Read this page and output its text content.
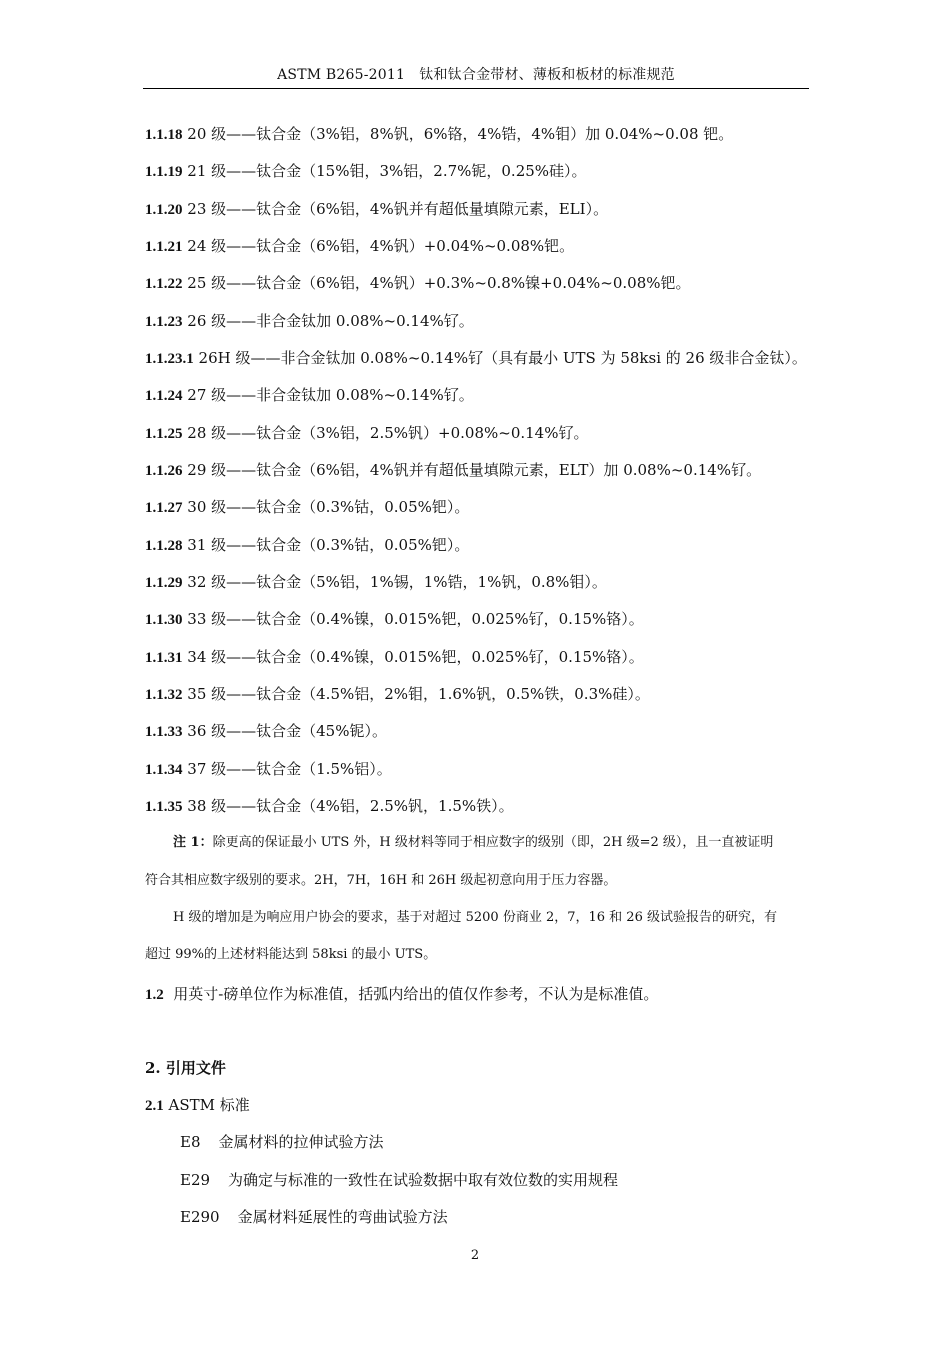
ASTM B265-2011　钛和钛合金带材、薄板和板材的标准规范
1.1.18 20 级——钛合金（3%铝，8%钒，6%铬，4%锆，4%钼）加 0.04%~0.08 钯。
1.1.19 21 级——钛合金（15%钼，3%铝，2.7%铌，0.25%硅）。
1.1.20 23 级——钛合金（6%铝，4%钒并有超低量填隙元素，ELI）。
1.1.21 24 级——钛合金（6%铝，4%钒）+0.04%~0.08%钯。
1.1.22 25 级——钛合金（6%铝，4%钒）+0.3%~0.8%镍+0.04%~0.08%钯。
1.1.23 26 级——非合金钛加 0.08%~0.14%钌。
1.1.23.1 26H 级——非合金钛加 0.08%~0.14%钌（具有最小 UTS 为 58ksi 的 26 级非合金钛）。
1.1.24 27 级——非合金钛加 0.08%~0.14%钌。
1.1.25 28 级——钛合金（3%铝，2.5%钒）+0.08%~0.14%钌。
1.1.26 29 级——钛合金（6%铝，4%钒并有超低量填隙元素，ELT）加 0.08%~0.14%钌。
1.1.27 30 级——钛合金（0.3%钴，0.05%钯）。
1.1.28 31 级——钛合金（0.3%钴，0.05%钯）。
1.1.29 32 级——钛合金（5%铝，1%锡，1%锆，1%钒，0.8%钼）。
1.1.30 33 级——钛合金（0.4%镍，0.015%钯，0.025%钌，0.15%铬）。
1.1.31 34 级——钛合金（0.4%镍，0.015%钯，0.025%钌，0.15%铬）。
1.1.32 35 级——钛合金（4.5%铝，2%钼，1.6%钒，0.5%铁，0.3%硅）。
1.1.33 36 级——钛合金（45%铌）。
1.1.34 37 级——钛合金（1.5%铝）。
1.1.35 38 级——钛合金（4%铝，2.5%钒，1.5%铁）。
注 1：除更高的保证最小 UTS 外，H 级材料等同于相应数字的级别（即，2H 级=2 级），且一直被证明
符合其相应数字级别的要求。2H，7H，16H 和 26H 级起初意向用于压力容器。
H 级的增加是为响应用户协会的要求，基于对超过 5200 份商业 2，7，16 和 26 级试验报告的研究，有
超过 99%的上述材料能达到 58ksi 的最小 UTS。
1.2 用英寸-磅单位作为标准值，括弧内给出的值仅作参考，不认为是标准值。
2. 引用文件
2.1 ASTM 标准
E8 金属材料的拉伸试验方法
E29 为确定与标准的一致性在试验数据中取有效位数的实用规程
E290 金属材料延展性的弯曲试验方法
2
